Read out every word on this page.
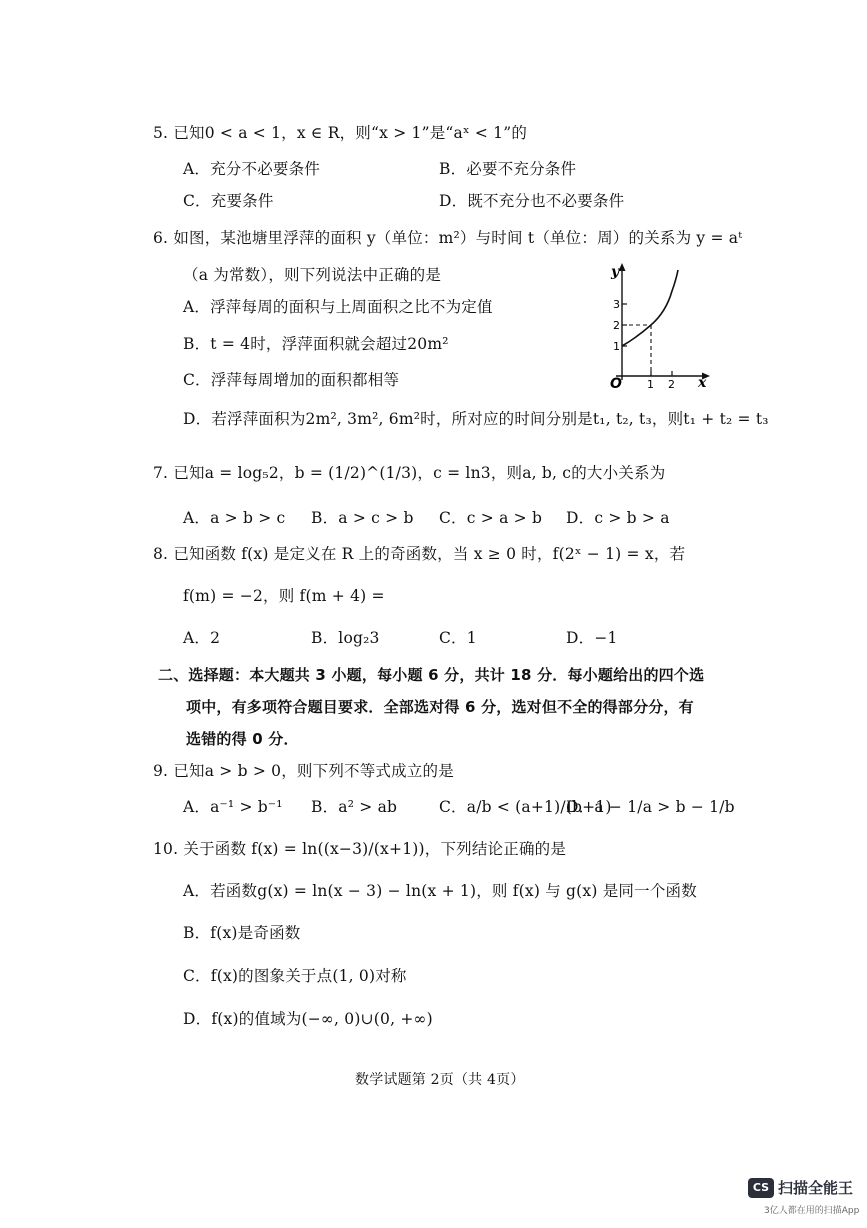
5. 已知0 < a < 1，x ∈ R，则“x > 1”是“aˣ < 1”的
A．充分不必要条件	B．必要不充分条件
C．充要条件	D．既不充分也不必要条件
6. 如图，某池塘里浮萍的面积 y（单位：m²）与时间 t（单位：周）的关系为 y = aᵗ
（a 为常数），则下列说法中正确的是
A．浮萍每周的面积与上周面积之比不为定值
B．t = 4时，浮萍面积就会超过20m²
C．浮萍每周增加的面积都相等
D．若浮萍面积为2m², 3m², 6m²时，所对应的时间分别是t₁, t₂, t₃，则t₁ + t₂ = t₃
y
x
O
1
2
3
1 2
7. 已知a = log₅2，b = (1/2)^(1/3)，c = ln3，则a, b, c的大小关系为
A．a > b > c B．a > c > b C．c > a > b D．c > b > a
8. 已知函数 f(x) 是定义在 R 上的奇函数，当 x ≥ 0 时，f(2ˣ − 1) = x，若
f(m) = −2，则 f(m + 4) =
A．2	B．log₂3	C．1	D．−1
二、选择题：本大题共 3 小题，每小题 6 分，共计 18 分．每小题给出的四个选
项中，有多项符合题目要求．全部选对得 6 分，选对但不全的得部分分，有
选错的得 0 分．
9. 已知a > b > 0，则下列不等式成立的是
A．a⁻¹ > b⁻¹ B．a² > ab	C．a/b < (a+1)/(b+1)
D．a − 1/a > b − 1/b
10. 关于函数 f(x) = ln((x−3)/(x+1))，下列结论正确的是
A．若函数g(x) = ln(x − 3) − ln(x + 1)，则 f(x) 与 g(x) 是同一个函数
B．f(x)是奇函数
C．f(x)的图象关于点(1, 0)对称
D．f(x)的值域为(−∞, 0)∪(0, +∞)
数学试题第 2页（共 4页）
CS 扫描全能王
3亿人都在用的扫描App
